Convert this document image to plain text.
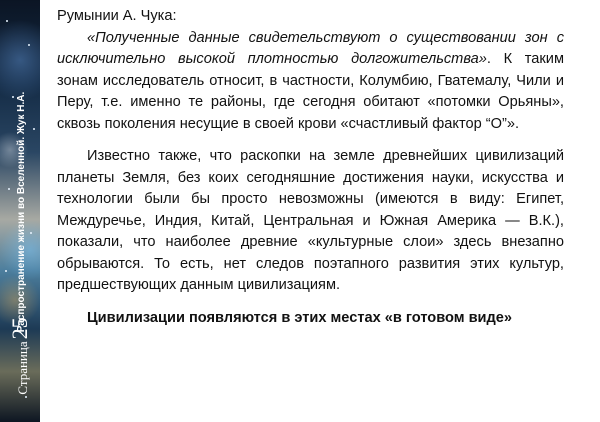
Распространение жизни во Вселенной. Жук Н.А.
Страница
25

Румынии А. Чука:

«Полученные данные свидетельствуют о существовании зон с исключительно высокой плотностью долгожительства». К таким зонам исследователь относит, в частности, Колумбию, Гватемалу, Чили и Перу, т.е. именно те районы, где сегодня обитают «потомки Орьяны», сквозь поколения несущие в своей крови «счастливый фактор “О”».

Известно также, что раскопки на земле древнейших цивилизаций планеты Земля, без коих сегодняшние достижения науки, искусства и технологии были бы просто невозможны (имеются в виду: Египет, Междуречье, Индия, Китай, Центральная и Южная Америка — В.К.), показали, что наиболее древние «культурные слои» здесь внезапно обрываются. То есть, нет следов поэтапного развития этих культур, предшествующих данным цивилизациям.

Цивилизации появляются в этих местах «в готовом виде»
